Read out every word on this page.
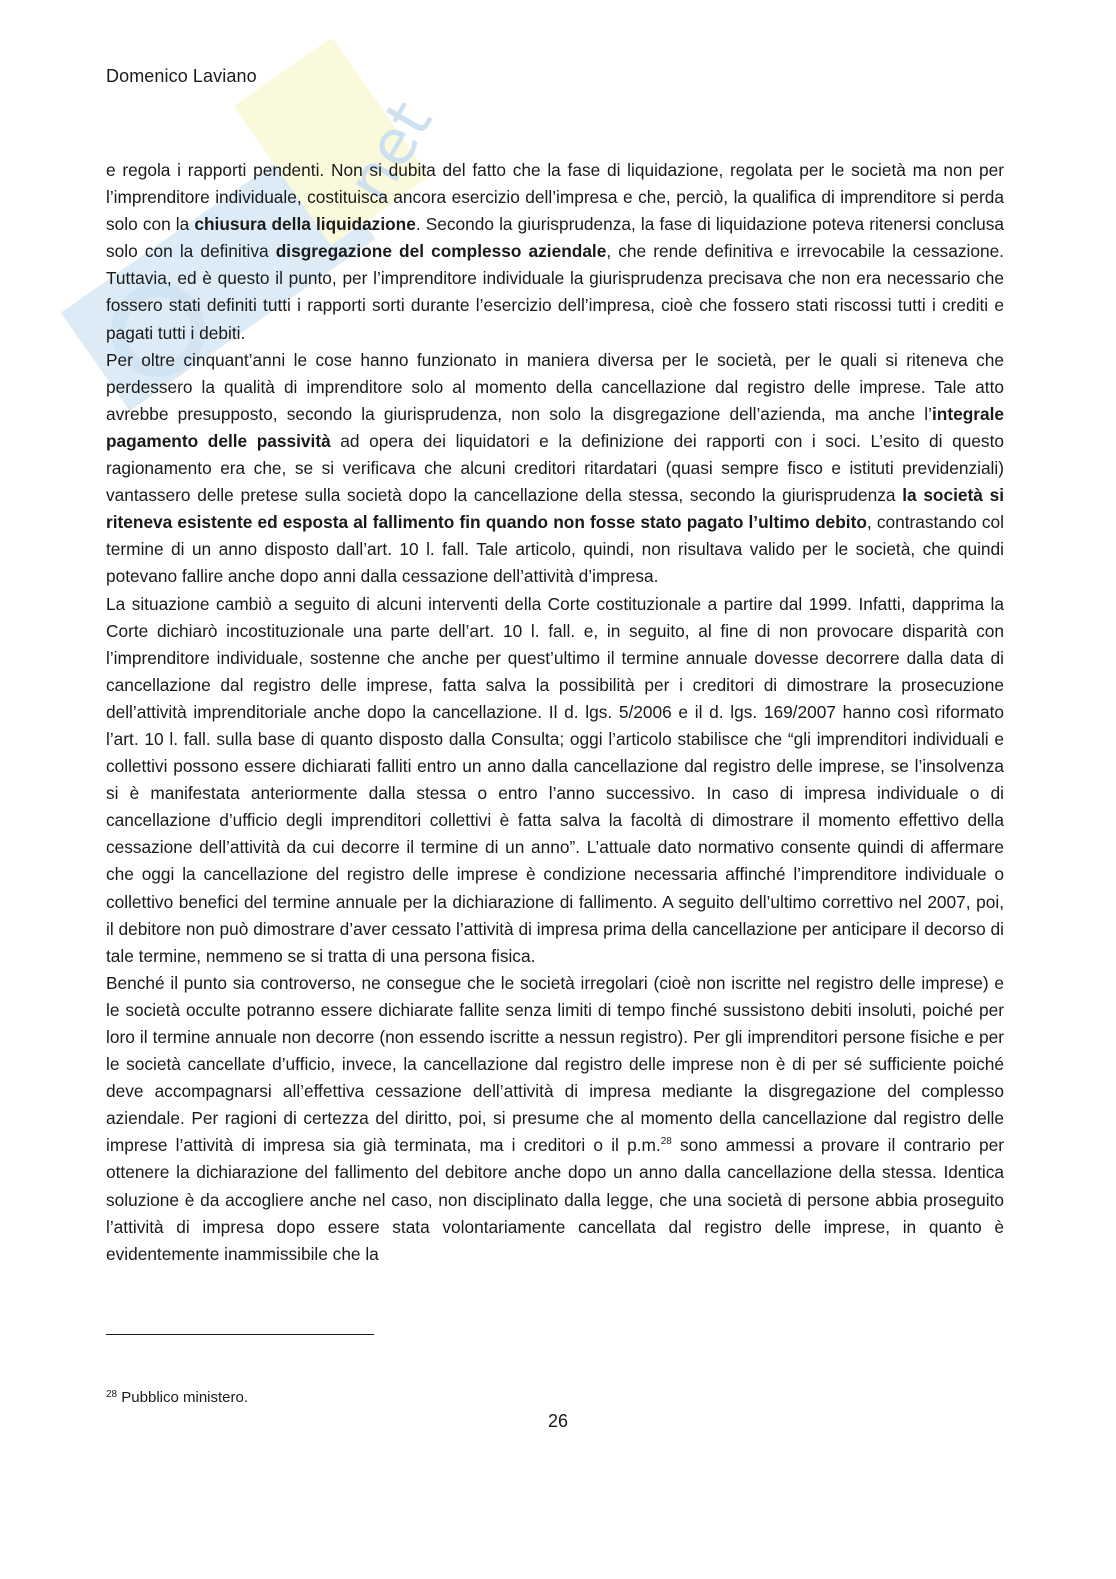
net
Domenico Laviano

e regola i rapporti pendenti. Non si dubita del fatto che la fase di liquidazione, regolata per le società ma non per l’imprenditore individuale, costituisca ancora esercizio dell’impresa e che, perciò, la qualifica di imprenditore si perda solo con la chiusura della liquidazione. Secondo la giurisprudenza, la fase di liquidazione poteva ritenersi conclusa solo con la definitiva disgregazione del complesso aziendale, che rende definitiva e irrevocabile la cessazione. Tuttavia, ed è questo il punto, per l’imprenditore individuale la giurisprudenza precisava che non era necessario che fossero stati definiti tutti i rapporti sorti durante l’esercizio dell’impresa, cioè che fossero stati riscossi tutti i crediti e pagati tutti i debiti.

Per oltre cinquant’anni le cose hanno funzionato in maniera diversa per le società, per le quali si riteneva che perdessero la qualità di imprenditore solo al momento della cancellazione dal registro delle imprese. Tale atto avrebbe presupposto, secondo la giurisprudenza, non solo la disgregazione dell’azienda, ma anche l’integrale pagamento delle passività ad opera dei liquidatori e la definizione dei rapporti con i soci. L’esito di questo ragionamento era che, se si verificava che alcuni creditori ritardatari (quasi sempre fisco e istituti previdenziali) vantassero delle pretese sulla società dopo la cancellazione della stessa, secondo la giurisprudenza la società si riteneva esistente ed esposta al fallimento fin quando non fosse stato pagato l’ultimo debito, contrastando col termine di un anno disposto dall’art. 10 l. fall. Tale articolo, quindi, non risultava valido per le società, che quindi potevano fallire anche dopo anni dalla cessazione dell’attività d’impresa.

La situazione cambiò a seguito di alcuni interventi della Corte costituzionale a partire dal 1999. Infatti, dapprima la Corte dichiarò incostituzionale una parte dell’art. 10 l. fall. e, in seguito, al fine di non provocare disparità con l’imprenditore individuale, sostenne che anche per quest’ultimo il termine annuale dovesse decorrere dalla data di cancellazione dal registro delle imprese, fatta salva la possibilità per i creditori di dimostrare la prosecuzione dell’attività imprenditoriale anche dopo la cancellazione. Il d. lgs. 5/2006 e il d. lgs. 169/2007 hanno così riformato l’art. 10 l. fall. sulla base di quanto disposto dalla Consulta; oggi l’articolo stabilisce che “gli imprenditori individuali e collettivi possono essere dichiarati falliti entro un anno dalla cancellazione dal registro delle imprese, se l’insolvenza si è manifestata anteriormente dalla stessa o entro l’anno successivo. In caso di impresa individuale o di cancellazione d’ufficio degli imprenditori collettivi è fatta salva la facoltà di dimostrare il momento effettivo della cessazione dell’attività da cui decorre il termine di un anno”. L’attuale dato normativo consente quindi di affermare che oggi la cancellazione del registro delle imprese è condizione necessaria affinché l’imprenditore individuale o collettivo benefici del termine annuale per la dichiarazione di fallimento. A seguito dell’ultimo correttivo nel 2007, poi, il debitore non può dimostrare d’aver cessato l’attività di impresa prima della cancellazione per anticipare il decorso di tale termine, nemmeno se si tratta di una persona fisica.

Benché il punto sia controverso, ne consegue che le società irregolari (cioè non iscritte nel registro delle imprese) e le società occulte potranno essere dichiarate fallite senza limiti di tempo finché sussistono debiti insoluti, poiché per loro il termine annuale non decorre (non essendo iscritte a nessun registro). Per gli imprenditori persone fisiche e per le società cancellate d’ufficio, invece, la cancellazione dal registro delle imprese non è di per sé sufficiente poiché deve accompagnarsi all’effettiva cessazione dell’attività di impresa mediante la disgregazione del complesso aziendale. Per ragioni di certezza del diritto, poi, si presume che al momento della cancellazione dal registro delle imprese l’attività di impresa sia già terminata, ma i creditori o il p.m.$^{28}$ sono ammessi a provare il contrario per ottenere la dichiarazione del fallimento del debitore anche dopo un anno dalla cancellazione della stessa. Identica soluzione è da accogliere anche nel caso, non disciplinato dalla legge, che una società di persone abbia proseguito l’attività di impresa dopo essere stata volontariamente cancellata dal registro delle imprese, in quanto è evidentemente inammissibile che la

$^{28}$ Pubblico ministero.
26
